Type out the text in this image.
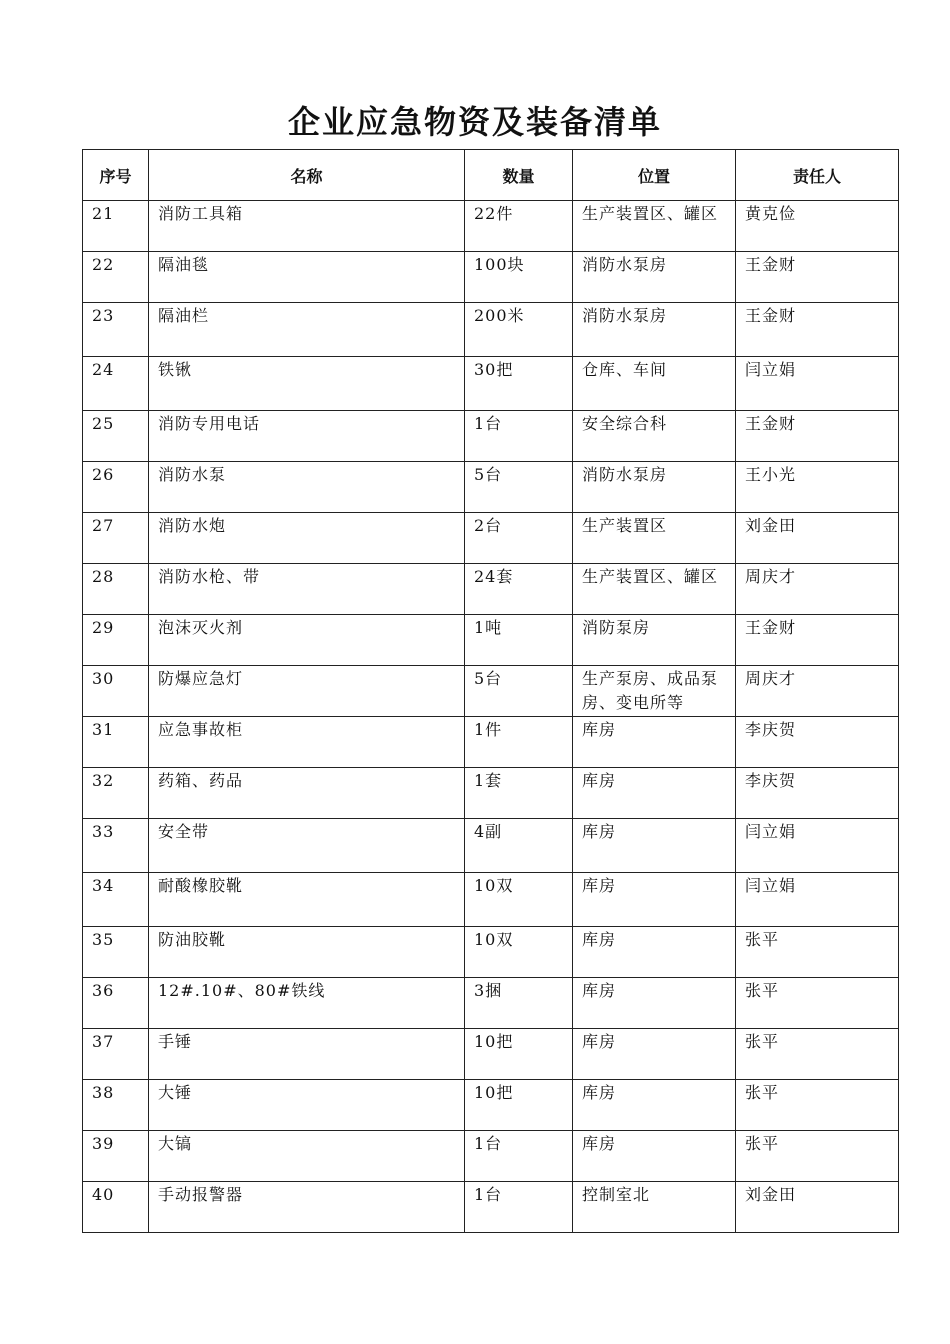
企业应急物资及装备清单
序号	名称	数量	位置	责任人

21	消防工具箱	22件	生产装置区、罐区	黄克俭

22	隔油毯	100块	消防水泵房	王金财

23	隔油栏	200米	消防水泵房	王金财

24	铁锹	30把	仓库、车间	闫立娟

25	消防专用电话	1台	安全综合科	王金财

26	消防水泵	5台	消防水泵房	王小光

27	消防水炮	2台	生产装置区	刘金田

28	消防水枪、带	24套	生产装置区、罐区	周庆才

29	泡沫灭火剂	1吨	消防泵房	王金财

30	防爆应急灯	5台	生产泵房、成品泵房、变电所等	周庆才

31	应急事故柜	1件	库房	李庆贺

32	药箱、药品	1套	库房	李庆贺

33	安全带	4副	库房	闫立娟

34	耐酸橡胶靴	10双	库房	闫立娟

35	防油胶靴	10双	库房	张平

36	12#.10#、80#铁线	3捆	库房	张平

37	手锤	10把	库房	张平

38	大锤	10把	库房	张平

39	大镐	1台	库房	张平

40	手动报警器	1台	控制室北	刘金田
